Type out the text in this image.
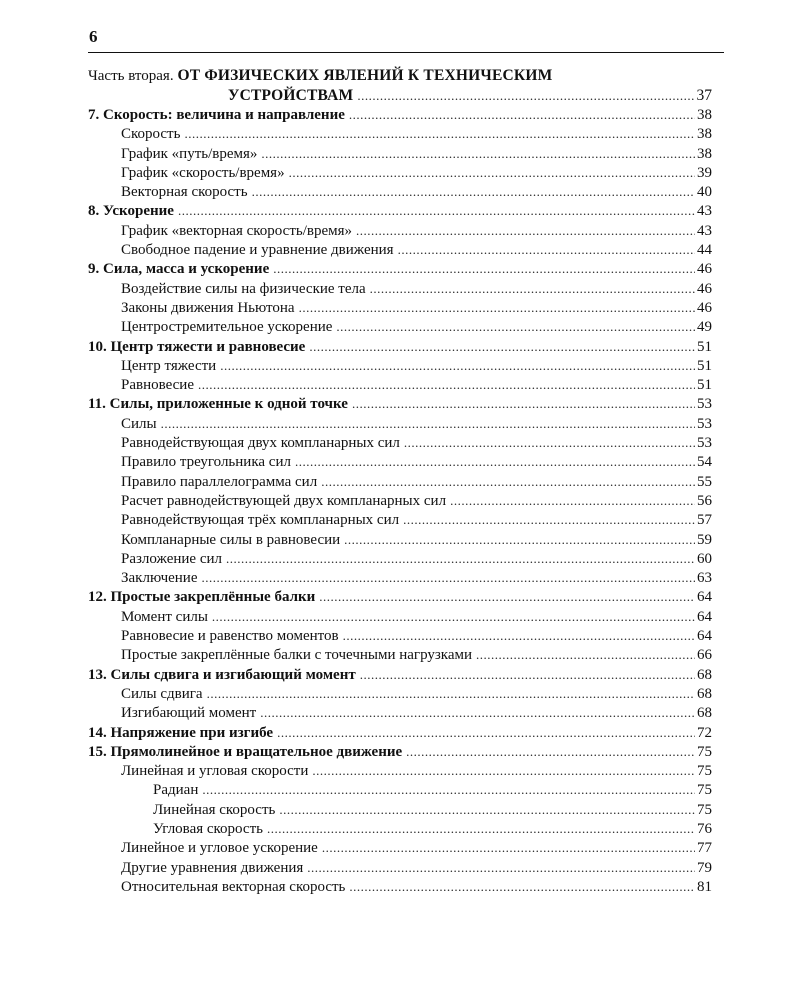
6
Часть вторая. ОТ ФИЗИЧЕСКИХ ЯВЛЕНИЙ К ТЕХНИЧЕСКИМ
УСТРОЙСТВАМ .....	37
7. Скорость: величина и направление .....	38
Скорость .....	38
График «путь/время» .....	38
График «скорость/время» .....	39
Векторная скорость .....	40
8. Ускорение .....	43
График «векторная скорость/время» .....	43
Свободное падение и уравнение движения .....	44
9. Сила, масса и ускорение .....	46
Воздействие силы на физические тела .....	46
Законы движения Ньютона .....	46
Центростремительное ускорение .....	49
10. Центр тяжести и равновесие .....	51
Центр тяжести .....	51
Равновесие .....	51
11. Силы, приложенные к одной точке .....	53
Силы .....	53
Равнодействующая двух компланарных сил .....	53
Правило треугольника сил .....	54
Правило параллелограмма сил .....	55
Расчет равнодействующей двух компланарных сил .....	56
Равнодействующая трёх компланарных сил .....	57
Компланарные силы в равновесии .....	59
Разложение сил .....	60
Заключение .....	63
12. Простые закреплённые балки .....	64
Момент силы .....	64
Равновесие и равенство моментов .....	64
Простые закреплённые балки с точечными нагрузками .....	66
13. Силы сдвига и изгибающий момент .....	68
Силы сдвига .....	68
Изгибающий момент .....	68
14. Напряжение при изгибе .....	72
15. Прямолинейное и вращательное движение .....	75
Линейная и угловая скорости .....	75
Радиан .....	75
Линейная скорость .....	75
Угловая скорость .....	76
Линейное и угловое ускорение .....	77
Другие уравнения движения .....	79
Относительная векторная скорость .....	81
